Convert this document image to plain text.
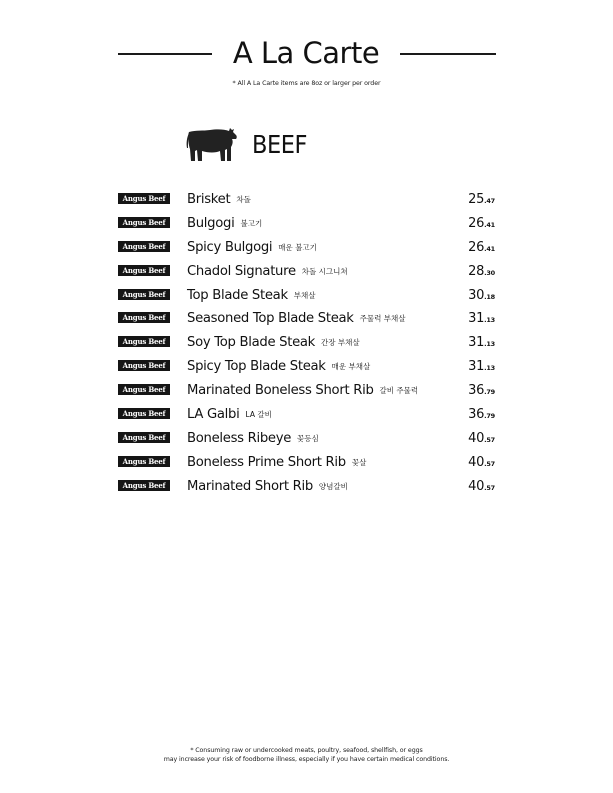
A La Carte
* All A La Carte items are 8oz or larger per order
BEEF
Angus Beef	Brisket 차돌	25.47
Angus Beef	Bulgogi 불고기	26.41
Angus Beef	Spicy Bulgogi 매운 불고기	26.41
Angus Beef	Chadol Signature 차돌 시그니쳐	28.30
Angus Beef	Top Blade Steak 부채살	30.18
Angus Beef	Seasoned Top Blade Steak 주물럭 부채살	31.13
Angus Beef	Soy Top Blade Steak 간장 부채살	31.13
Angus Beef	Spicy Top Blade Steak 매운 부채살	31.13
Angus Beef	Marinated Boneless Short Rib 갈비 주물럭	36.79
Angus Beef	LA Galbi LA 갈비	36.79
Angus Beef	Boneless Ribeye 꽃등심	40.57
Angus Beef	Boneless Prime Short Rib 꽃살	40.57
Angus Beef	Marinated Short Rib 양념갈비	40.57
* Consuming raw or undercooked meats, poultry, seafood, shellfish, or eggs
may increase your risk of foodborne illness, especially if you have certain medical conditions.
